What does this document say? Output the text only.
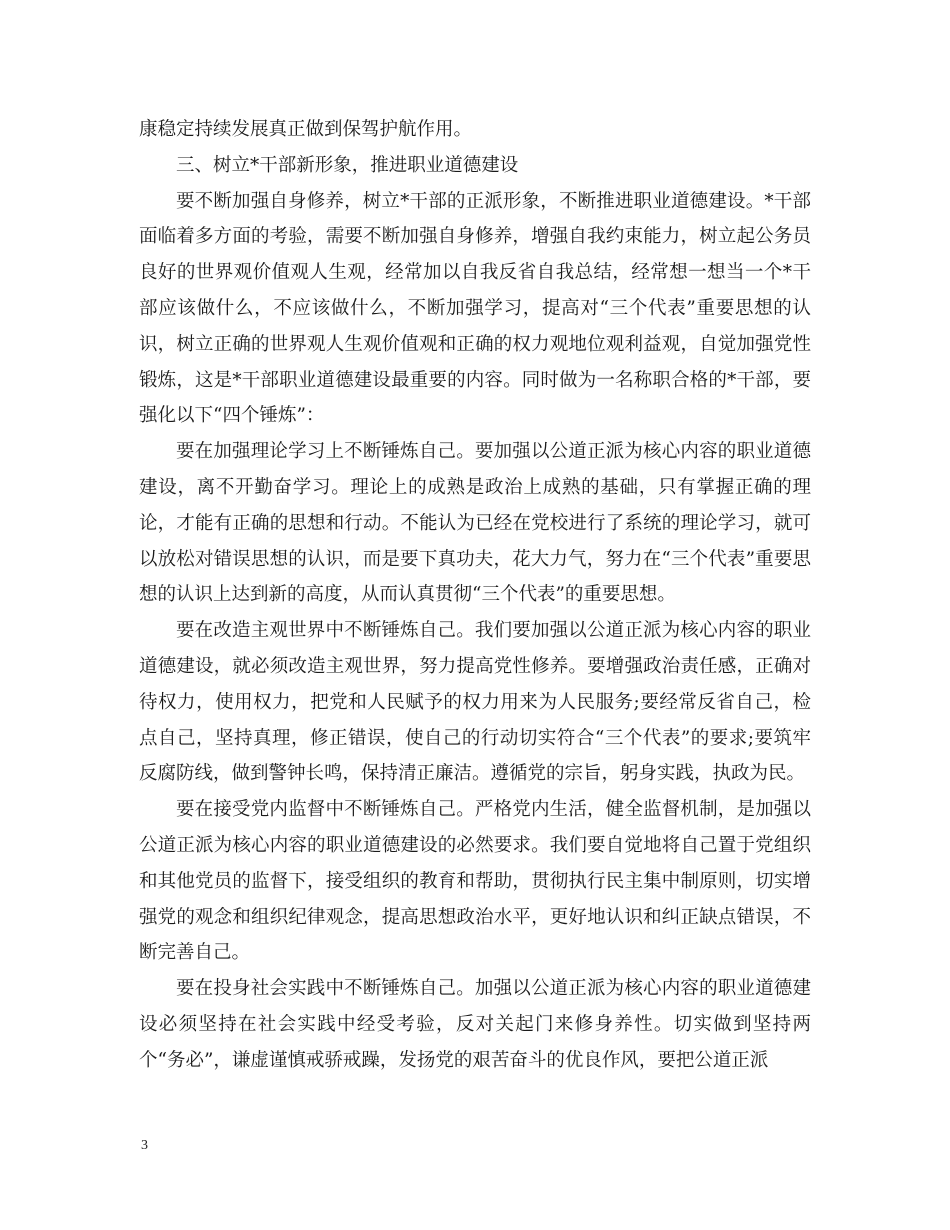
康稳定持续发展真正做到保驾护航作用。

三、树立*干部新形象，推进职业道德建设

要不断加强自身修养，树立*干部的正派形象，不断推进职业道德建设。*干部面临着多方面的考验，需要不断加强自身修养，增强自我约束能力，树立起公务员良好的世界观价值观人生观，经常加以自我反省自我总结，经常想一想当一个*干部应该做什么，不应该做什么，不断加强学习，提高对“三个代表”重要思想的认识，树立正确的世界观人生观价值观和正确的权力观地位观利益观，自觉加强党性锻炼，这是*干部职业道德建设最重要的内容。同时做为一名称职合格的*干部，要强化以下“四个锤炼”：

要在加强理论学习上不断锤炼自己。要加强以公道正派为核心内容的职业道德建设，离不开勤奋学习。理论上的成熟是政治上成熟的基础，只有掌握正确的理论，才能有正确的思想和行动。不能认为已经在党校进行了系统的理论学习，就可以放松对错误思想的认识，而是要下真功夫，花大力气，努力在“三个代表”重要思想的认识上达到新的高度，从而认真贯彻“三个代表”的重要思想。

要在改造主观世界中不断锤炼自己。我们要加强以公道正派为核心内容的职业道德建设，就必须改造主观世界，努力提高党性修养。要增强政治责任感，正确对待权力，使用权力，把党和人民赋予的权力用来为人民服务;要经常反省自己，检点自己，坚持真理，修正错误，使自己的行动切实符合“三个代表”的要求;要筑牢反腐防线，做到警钟长鸣，保持清正廉洁。遵循党的宗旨，躬身实践，执政为民。

要在接受党内监督中不断锤炼自己。严格党内生活，健全监督机制，是加强以公道正派为核心内容的职业道德建设的必然要求。我们要自觉地将自己置于党组织和其他党员的监督下，接受组织的教育和帮助，贯彻执行民主集中制原则，切实增强党的观念和组织纪律观念，提高思想政治水平，更好地认识和纠正缺点错误，不断完善自己。

要在投身社会实践中不断锤炼自己。加强以公道正派为核心内容的职业道德建设必须坚持在社会实践中经受考验，反对关起门来修身养性。切实做到坚持两个“务必”，谦虚谨慎戒骄戒躁，发扬党的艰苦奋斗的优良作风，要把公道正派

3
